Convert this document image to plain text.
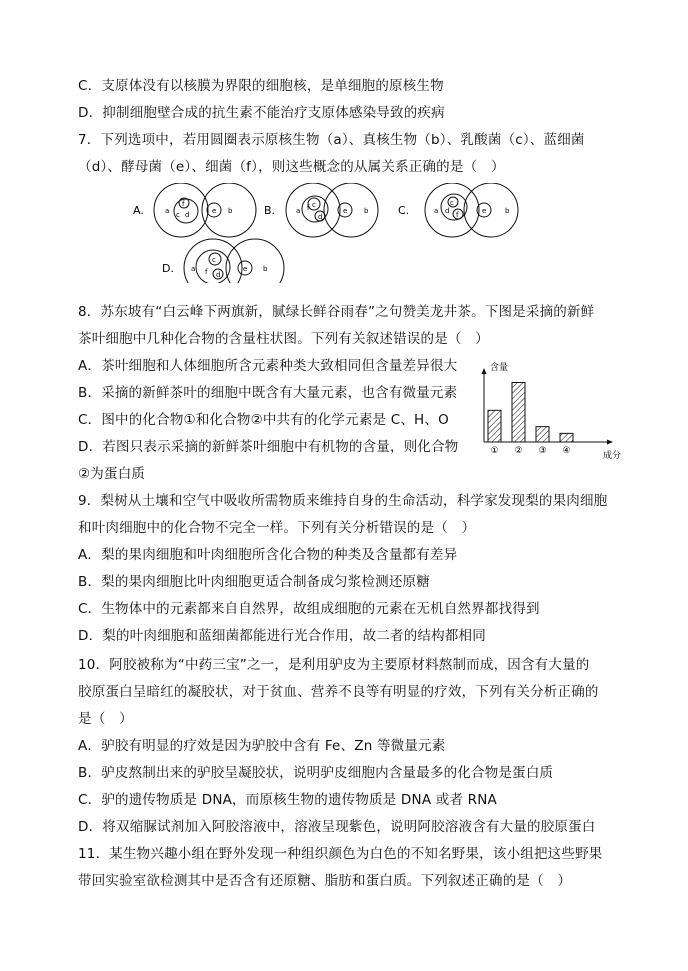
C．支原体没有以核膜为界限的细胞核，是单细胞的原核生物
D．抑制细胞壁合成的抗生素不能治疗支原体感染导致的疾病
7．下列选项中，若用圆圈表示原核生物（a）、真核生物（b）、乳酸菌（c）、蓝细菌
（d）、酵母菌（e）、细菌（f），则这些概念的从属关系正确的是（　）
A.	a c
f
d	e b	B.	a f c
d
e b	C.	a
c
d f	e	b
D. a f
c
d
e b
8．苏东坡有“白云峰下两旗新，腻绿长鲜谷雨春”之句赞美龙井茶。下图是采摘的新鲜
茶叶细胞中几种化合物的含量柱状图。下列有关叙述错误的是（　）
A．茶叶细胞和人体细胞所含元素种类大致相同但含量差异很大
B．采摘的新鲜茶叶的细胞中既含有大量元素，也含有微量元素
C．图中的化合物①和化合物②中共有的化学元素是 C、H、O
D．若图只表示采摘的新鲜茶叶细胞中有机物的含量，则化合物
②为蛋白质
含量
① ② ③ ④	成分
9．梨树从土壤和空气中吸收所需物质来维持自身的生命活动，科学家发现梨的果肉细胞
和叶肉细胞中的化合物不完全一样。下列有关分析错误的是（　）
A．梨的果肉细胞和叶肉细胞所含化合物的种类及含量都有差异
B．梨的果肉细胞比叶肉细胞更适合制备成匀浆检测还原糖
C．生物体中的元素都来自自然界，故组成细胞的元素在无机自然界都找得到
D．梨的叶肉细胞和蓝细菌都能进行光合作用，故二者的结构都相同
10．阿胶被称为“中药三宝”之一，是利用驴皮为主要原材料熬制而成，因含有大量的
胶原蛋白呈暗红的凝胶状，对于贫血、营养不良等有明显的疗效，下列有关分析正确的
是（　）
A．驴胶有明显的疗效是因为驴胶中含有 Fe、Zn 等微量元素
B．驴皮熬制出来的驴胶呈凝胶状，说明驴皮细胞内含量最多的化合物是蛋白质
C．驴的遗传物质是 DNA，而原核生物的遗传物质是 DNA 或者 RNA
D．将双缩脲试剂加入阿胶溶液中，溶液呈现紫色，说明阿胶溶液含有大量的胶原蛋白
11．某生物兴趣小组在野外发现一种组织颜色为白色的不知名野果，该小组把这些野果
带回实验室欲检测其中是否含有还原糖、脂肪和蛋白质。下列叙述正确的是（　）
